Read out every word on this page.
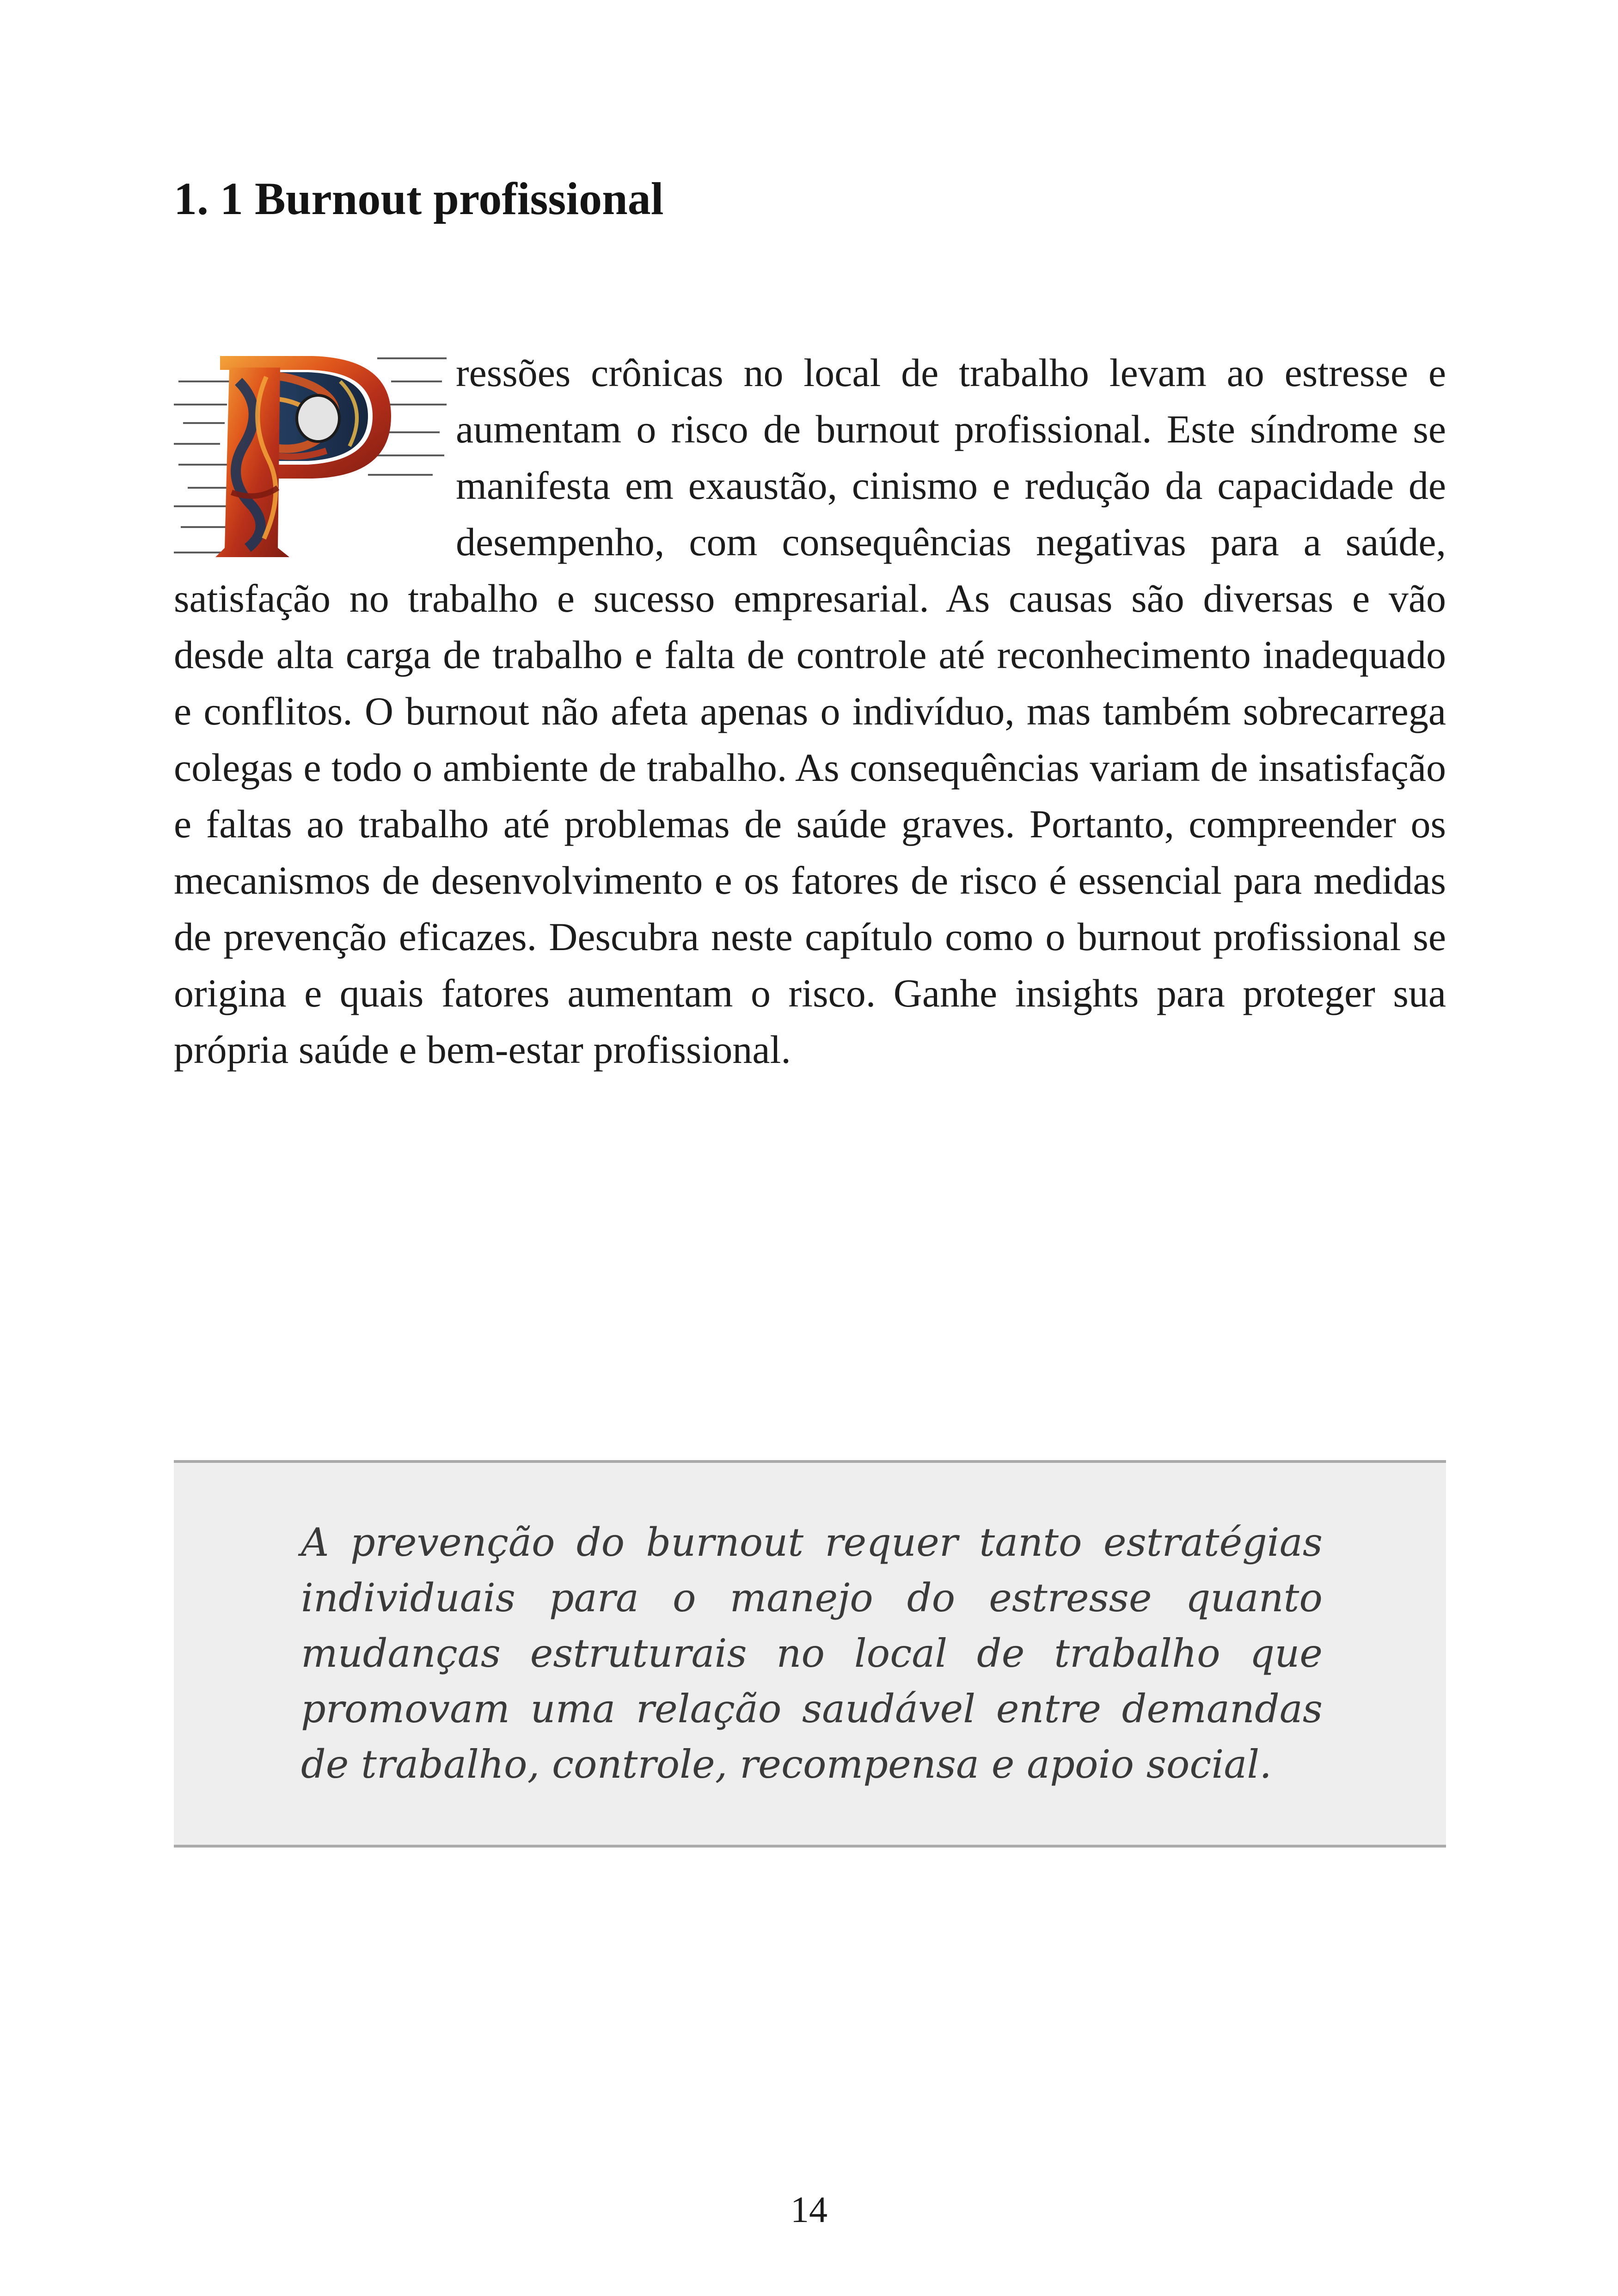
1. 1 Burnout profissional
ressões crônicas no local de trabalho levam ao estresse e aumentam o risco de burnout profissional. Este síndrome se manifesta em exaustão, cinismo e redução da capacidade de desempenho, com consequências negativas para a saúde, satisfação no trabalho e sucesso empresarial. As causas são diversas e vão desde alta carga de trabalho e falta de controle até reconhecimento inadequado e conflitos. O burnout não afeta apenas o indivíduo, mas também sobrecarrega colegas e todo o ambiente de trabalho. As consequências variam de insatisfação e faltas ao trabalho até problemas de saúde graves. Portanto, compreender os mecanismos de desenvolvimento e os fatores de risco é essencial para medidas de prevenção eficazes. Descubra neste capítulo como o burnout profissional se origina e quais fatores aumentam o risco. Ganhe insights para proteger sua própria saúde e bem-estar profissional.

A prevenção do burnout requer tanto estratégias individuais para o manejo do estresse quanto mudanças estruturais no local de trabalho que promovam uma relação saudável entre demandas de trabalho, controle, recompensa e apoio social.

14
